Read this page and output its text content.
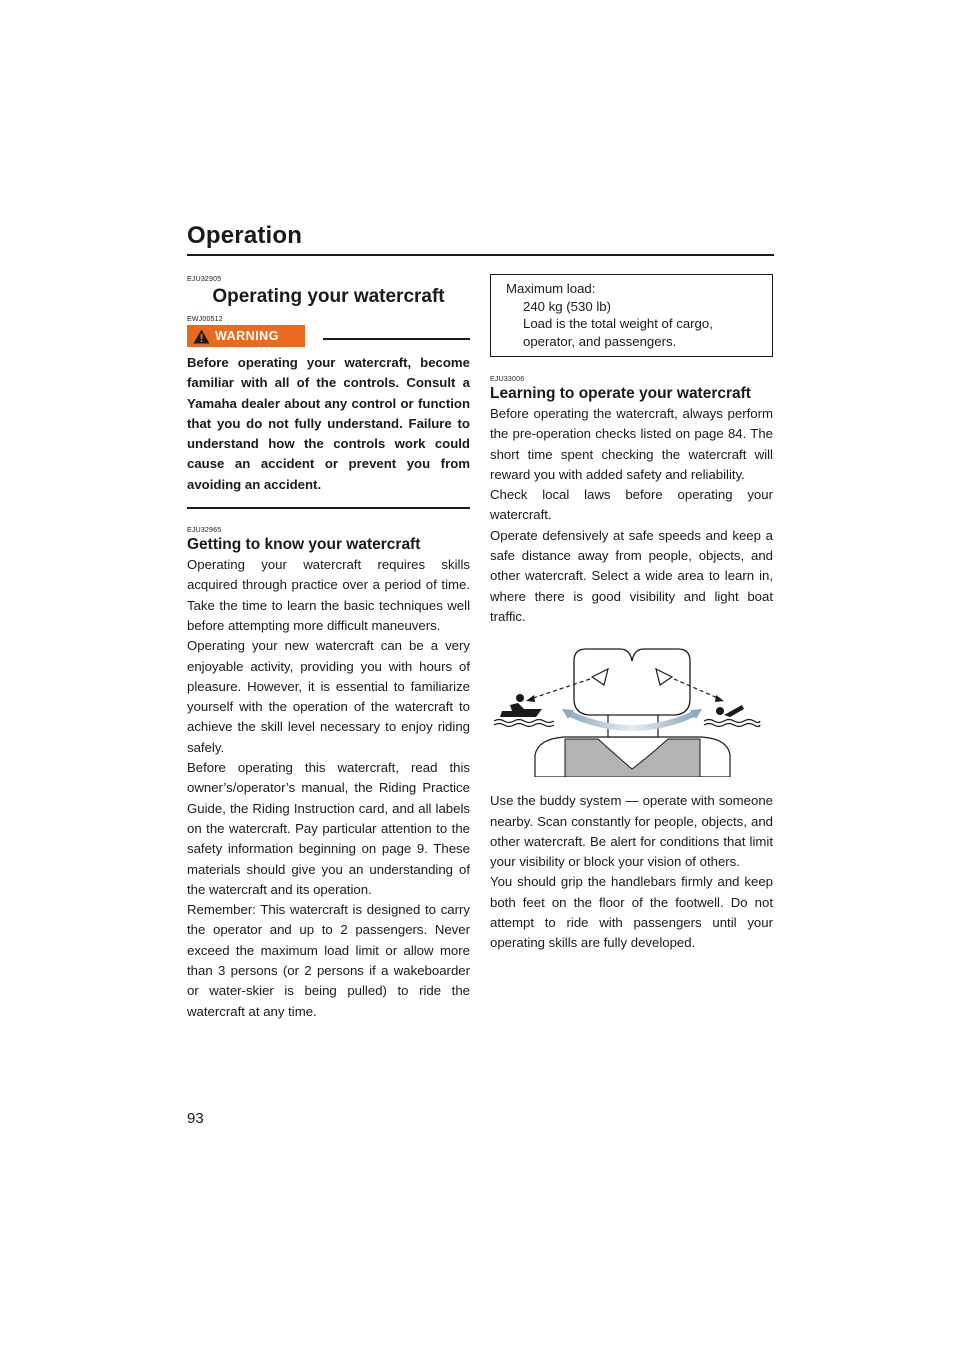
Operation
EJU32905
Operating your watercraft
EWJ00512
WARNING

Before operating your watercraft, become familiar with all of the controls. Consult a Yamaha dealer about any control or function that you do not fully understand. Failure to understand how the controls work could cause an accident or prevent you from avoiding an accident.

EJU32965
Getting to know your watercraft

Operating your watercraft requires skills acquired through practice over a period of time. Take the time to learn the basic techniques well before attempting more difficult maneuvers.

Operating your new watercraft can be a very enjoyable activity, providing you with hours of pleasure. However, it is essential to familiarize yourself with the operation of the watercraft to achieve the skill level necessary to enjoy riding safely.

Before operating this watercraft, read this owner’s/operator’s manual, the Riding Practice Guide, the Riding Instruction card, and all labels on the watercraft. Pay particular attention to the safety information beginning on page 9. These materials should give you an understanding of the watercraft and its operation.

Remember: This watercraft is designed to carry the operator and up to 2 passengers. Never exceed the maximum load limit or allow more than 3 persons (or 2 persons if a wakeboarder or water-skier is being pulled) to ride the watercraft at any time.

Maximum load:
240 kg (530 lb)
Load is the total weight of cargo, operator, and passengers.
EJU33006
Learning to operate your watercraft

Before operating the watercraft, always perform the pre-operation checks listed on page 84. The short time spent checking the watercraft will reward you with added safety and reliability.

Check local laws before operating your watercraft.

Operate defensively at safe speeds and keep a safe distance away from people, objects, and other watercraft. Select a wide area to learn in, where there is good visibility and light boat traffic.

Use the buddy system — operate with someone nearby. Scan constantly for people, objects, and other watercraft. Be alert for conditions that limit your visibility or block your vision of others.

You should grip the handlebars firmly and keep both feet on the floor of the footwell. Do not attempt to ride with passengers until your operating skills are fully developed.

93
